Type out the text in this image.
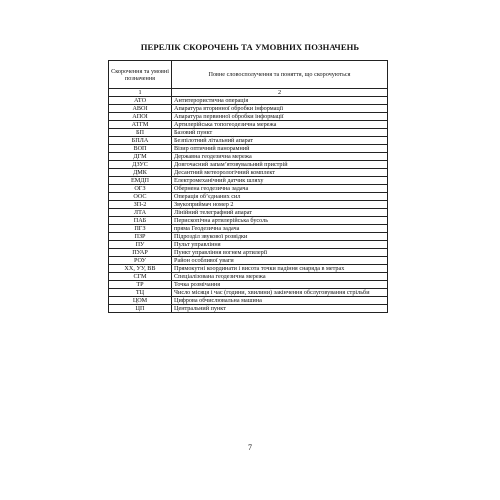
ПЕРЕЛІК СКОРОЧЕНЬ ТА УМОВНИХ ПОЗНАЧЕНЬ
Скорочення та умовні позначення	Повне словосполучення та поняття, що скорочуються
1	2
АТО	Антитерористична операція
АВОІ	Апаратура вторинної обробки інформації
АПОІ	Апаратура первинної обробки інформації
АТГМ	Артилерійська топогеодезична мережа
БП	Базовий пункт
БПЛА	Безпілотний літальний апарат
ВОП	Візир оптичний панорамний
ДГМ	Державна геодезична мережа
ДЗУС	Довгочасний запам’ятовувальний пристрій
ДМК	Десантний метеорологічний комплект
ЕМДП	Електромеханічний датчик шляху
ОГЗ	Обернена геодезична задача
ООС	Операція об’єднаних сил
ЗП-2	Звукоприймач номер 2
ЛТА	Лінійний телеграфний апарат
ПАБ	Перископічна артилерійська бусоль
ПГЗ	пряма Геодезична задача
ПЗР	Підрозділ звукової розвідки
ПУ	Пульт управління
ПУАР	Пункт управління вогнем артилерії
РОУ	Район особливої уваги
ХХ, УУ, ВВ	Прямокутні координати і висота точки падіння снаряда в метрах
СГМ	Спеціалізована геодезична мережа
ТР	Точка розмічання
ТЦ	Число місяця і час (години, хвилини) закінчення обслуговування стрільби
ЦОМ	Цифрова обчислювальна машина
ЦП	Центральний пункт
7
